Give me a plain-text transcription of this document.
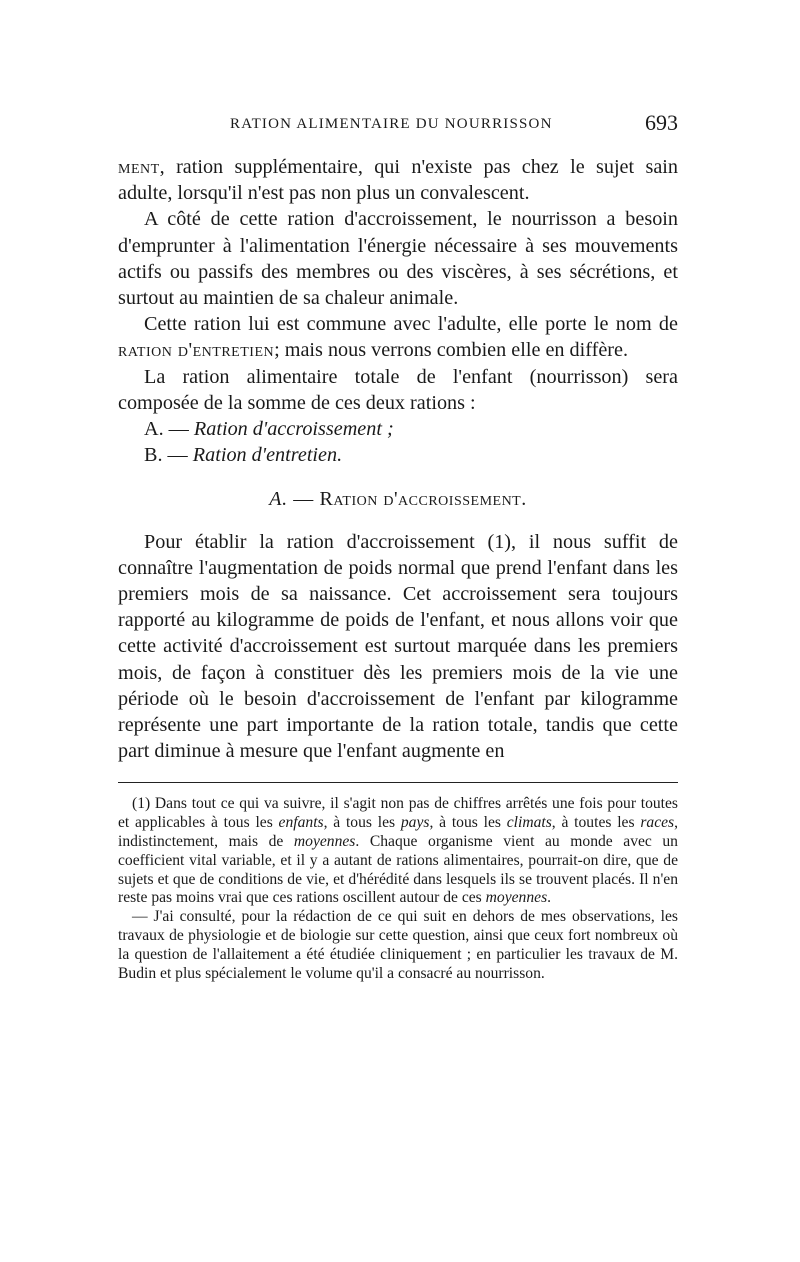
RATION ALIMENTAIRE DU NOURRISSON	693

ment, ration supplémentaire, qui n'existe pas chez le sujet sain adulte, lorsqu'il n'est pas non plus un convalescent.

A côté de cette ration d'accroissement, le nourrisson a besoin d'emprunter à l'alimentation l'énergie nécessaire à ses mouvements actifs ou passifs des membres ou des viscères, à ses sécrétions, et surtout au maintien de sa chaleur animale.

Cette ration lui est commune avec l'adulte, elle porte le nom de ration d'entretien; mais nous verrons combien elle en diffère.

La ration alimentaire totale de l'enfant (nourrisson) sera composée de la somme de ces deux rations :

A. — Ration d'accroissement ;

B. — Ration d'entretien.

A. — Ration d'accroissement.

Pour établir la ration d'accroissement (1), il nous suffit de connaître l'augmentation de poids normal que prend l'enfant dans les premiers mois de sa naissance. Cet accroissement sera toujours rapporté au kilogramme de poids de l'enfant, et nous allons voir que cette activité d'accroissement est surtout marquée dans les premiers mois, de façon à constituer dès les premiers mois de la vie une période où le besoin d'accroissement de l'enfant par kilogramme représente une part importante de la ration totale, tandis que cette part diminue à mesure que l'enfant augmente en

(1) Dans tout ce qui va suivre, il s'agit non pas de chiffres arrêtés une fois pour toutes et applicables à tous les enfants, à tous les pays, à tous les climats, à toutes les races, indistinctement, mais de moyennes. Chaque organisme vient au monde avec un coefficient vital variable, et il y a autant de rations alimentaires, pourrait-on dire, que de sujets et que de conditions de vie, et d'hérédité dans lesquels ils se trouvent placés. Il n'en reste pas moins vrai que ces rations oscillent autour de ces moyennes.

— J'ai consulté, pour la rédaction de ce qui suit en dehors de mes observations, les travaux de physiologie et de biologie sur cette question, ainsi que ceux fort nombreux où la question de l'allaitement a été étudiée cliniquement ; en particulier les travaux de M. Budin et plus spécialement le volume qu'il a consacré au nourrisson.
